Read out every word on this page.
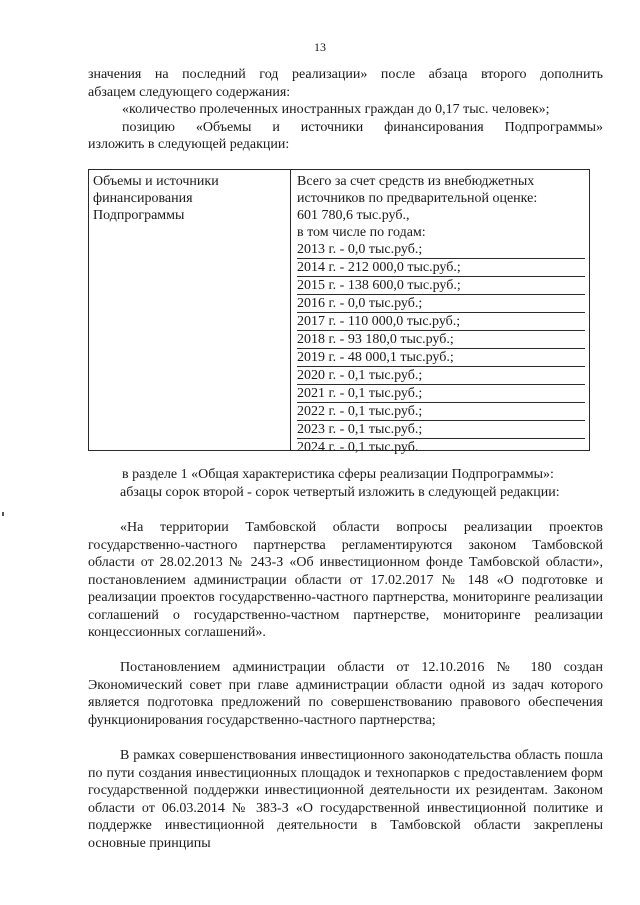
13
значения на последний год реализации» после абзаца второго дополнить
абзацем следующего содержания:
«количество пролеченных иностранных граждан до 0,17 тыс. человек»;
позицию «Объемы и источники финансирования Подпрограммы»
изложить в следующей редакции:
Объемы и источники финансирования Подпрограммы
Всего за счет средств из внебюджетных источников по предварительной оценке:
601 780,6 тыс.руб.,
в том числе по годам:
2013 г. - 0,0 тыс.руб.;
2014 г. - 212 000,0 тыс.руб.;
2015 г. - 138 600,0 тыс.руб.;
2016 г. - 0,0 тыс.руб.;
2017 г. - 110 000,0 тыс.руб.;
2018 г. - 93 180,0 тыс.руб.;
2019 г. - 48 000,1 тыс.руб.;
2020 г. - 0,1 тыс.руб.;
2021 г. - 0,1 тыс.руб.;
2022 г. - 0,1 тыс.руб.;
2023 г. - 0,1 тыс.руб.;
2024 г. - 0,1 тыс.руб.
в разделе 1 «Общая характеристика сферы реализации Подпрограммы»:
абзацы сорок второй - сорок четвертый изложить в следующей редакции:
«На территории Тамбовской области вопросы реализации проектов государственно-частного партнерства регламентируются законом Тамбовской области от 28.02.2013 № 243-З «Об инвестиционном фонде Тамбовской области», постановлением администрации области от 17.02.2017 № 148 «О подготовке и реализации проектов государственно-частного партнерства, мониторинге реализации соглашений о государственно-частном партнерстве, мониторинге реализации концессионных соглашений».
Постановлением администрации области от 12.10.2016 № 180 создан Экономический совет при главе администрации области одной из задач которого является подготовка предложений по совершенствованию правового обеспечения функционирования государственно-частного партнерства;
В рамках совершенствования инвестиционного законодательства область пошла по пути создания инвестиционных площадок и технопарков с предоставлением форм государственной поддержки инвестиционной деятельности их резидентам. Законом области от 06.03.2014 № 383-З «О государственной инвестиционной политике и поддержке инвестиционной деятельности в Тамбовской области закреплены основные принципы
